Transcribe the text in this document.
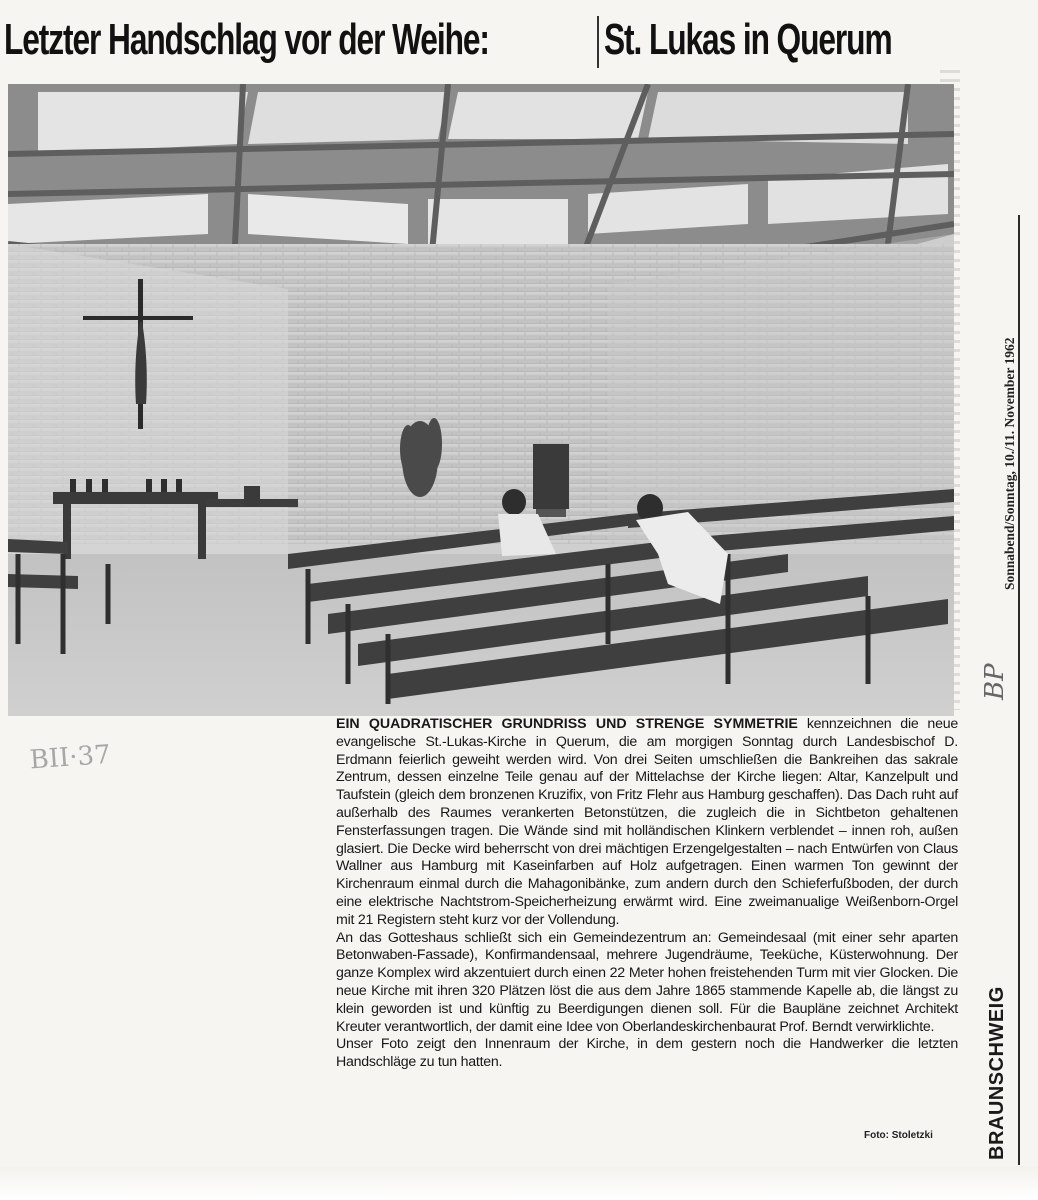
Letzter Handschlag vor der Weihe:	St. Lukas in Querum
BII·37

EIN QUADRATISCHER GRUNDRISS UND STRENGE SYMMETRIE kennzeichnen die neue evangelische St.-Lukas-Kirche in Querum, die am morgigen Sonntag durch Landesbischof D. Erdmann feierlich geweiht werden wird. Von drei Seiten umschließen die Bankreihen das sakrale Zentrum, dessen einzelne Teile genau auf der Mittelachse der Kirche liegen: Altar, Kanzelpult und Taufstein (gleich dem bronzenen Kruzifix, von Fritz Flehr aus Hamburg geschaffen). Das Dach ruht auf außerhalb des Raumes verankerten Betonstützen, die zugleich die in Sichtbeton gehaltenen Fensterfassungen tragen. Die Wände sind mit holländischen Klinkern verblendet – innen roh, außen glasiert. Die Decke wird beherrscht von drei mächtigen Erzengelgestalten – nach Entwürfen von Claus Wallner aus Hamburg mit Kaseinfarben auf Holz aufgetragen. Einen warmen Ton gewinnt der Kirchenraum einmal durch die Mahagonibänke, zum andern durch den Schieferfußboden, der durch eine elektrische Nachtstrom-Speicherheizung erwärmt wird. Eine zweimanualige Weißenborn-Orgel mit 21 Registern steht kurz vor der Vollendung.

An das Gotteshaus schließt sich ein Gemeindezentrum an: Gemeindesaal (mit einer sehr aparten Betonwaben-Fassade), Konfirmandensaal, mehrere Jugendräume, Teeküche, Küsterwohnung. Der ganze Komplex wird akzentuiert durch einen 22 Meter hohen freistehenden Turm mit vier Glocken. Die neue Kirche mit ihren 320 Plätzen löst die aus dem Jahre 1865 stammende Kapelle ab, die längst zu klein geworden ist und künftig zu Beerdigungen dienen soll. Für die Baupläne zeichnet Architekt Kreuter verantwortlich, der damit eine Idee von Oberlandeskirchenbaurat Prof. Berndt verwirklichte.

Unser Foto zeigt den Innenraum der Kirche, in dem gestern noch die Handwerker die letzten Handschläge zu tun hatten.

Foto: Stoletzki
Sonnabend/Sonntag, 10./11. November 1962
BP
BRAUNSCHWEIG
